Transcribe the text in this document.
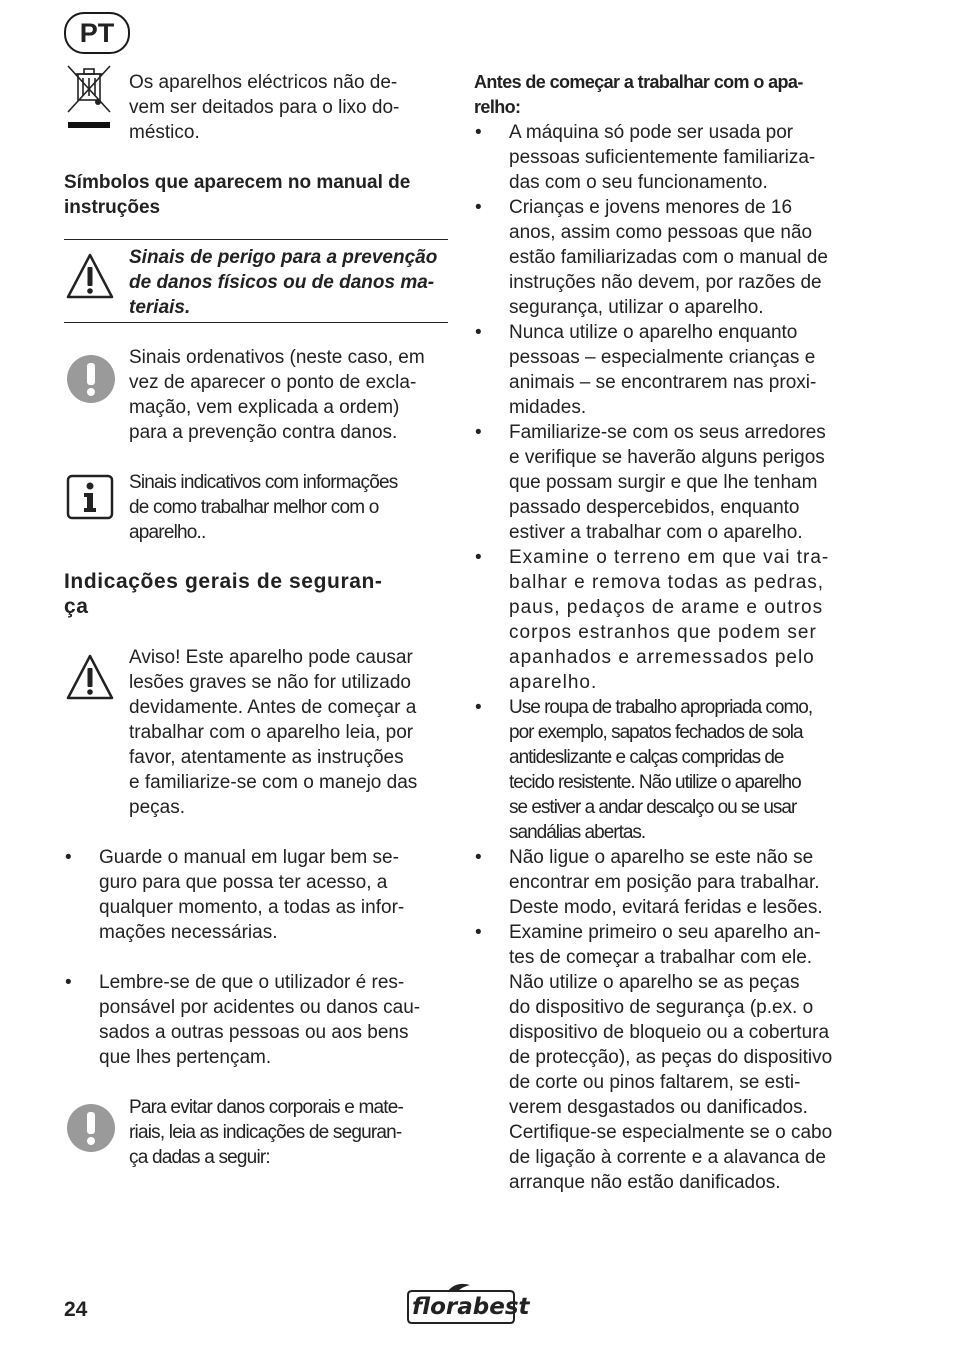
PT
Os aparelhos eléctricos não de-
vem ser deitados para o lixo do-
méstico.
Símbolos que aparecem no manual de
instruções
Sinais de perigo para a prevenção
de danos físicos ou de danos ma-
teriais.
Sinais ordenativos (neste caso, em
vez de aparecer o ponto de excla-
mação, vem explicada a ordem)
para a prevenção contra danos.
Sinais indicativos com informações
de como trabalhar melhor com o
aparelho..
Indicações gerais de seguran-
ça
Aviso! Este aparelho pode causar
lesões graves se não for utilizado
devidamente. Antes de começar a
trabalhar com o aparelho leia, por
favor, atentamente as instruções
e familiarize-se com o manejo das
peças.
• Guarde o manual em lugar bem se-
guro para que possa ter acesso, a
qualquer momento, a todas as infor-
mações necessárias.
• Lembre-se de que o utilizador é res-
ponsável por acidentes ou danos cau-
sados a outras pessoas ou aos bens
que lhes pertençam.
Para evitar danos corporais e mate-
riais, leia as indicações de seguran-
ça dadas a seguir:
Antes de começar a trabalhar com o apa-
relho:
• A máquina só pode ser usada por
pessoas suficientemente familiariza-
das com o seu funcionamento.
• Crianças e jovens menores de 16
anos, assim como pessoas que não
estão familiarizadas com o manual de
instruções não devem, por razões de
segurança, utilizar o aparelho.
• Nunca utilize o aparelho enquanto
pessoas – especialmente crianças e
animais – se encontrarem nas proxi-
midades.
• Familiarize-se com os seus arredores
e verifique se haverão alguns perigos
que possam surgir e que lhe tenham
passado despercebidos, enquanto
estiver a trabalhar com o aparelho.
• Examine o terreno em que vai tra-
balhar e remova todas as pedras,
paus, pedaços de arame e outros
corpos estranhos que podem ser
apanhados e arremessados pelo
aparelho.
• Use roupa de trabalho apropriada como,
por exemplo, sapatos fechados de sola
antideslizante e calças compridas de
tecido resistente. Não utilize o aparelho
se estiver a andar descalço ou se usar
sandálias abertas.
• Não ligue o aparelho se este não se
encontrar em posição para trabalhar.
Deste modo, evitará feridas e lesões.
• Examine primeiro o seu aparelho an-
tes de começar a trabalhar com ele.
Não utilize o aparelho se as peças
do dispositivo de segurança (p.ex. o
dispositivo de bloqueio ou a cobertura
de protecção), as peças do dispositivo
de corte ou pinos faltarem, se esti-
verem desgastados ou danificados.
Certifique-se especialmente se o cabo
de ligação à corrente e a alavanca de
arranque não estão danificados.
24	florabest
